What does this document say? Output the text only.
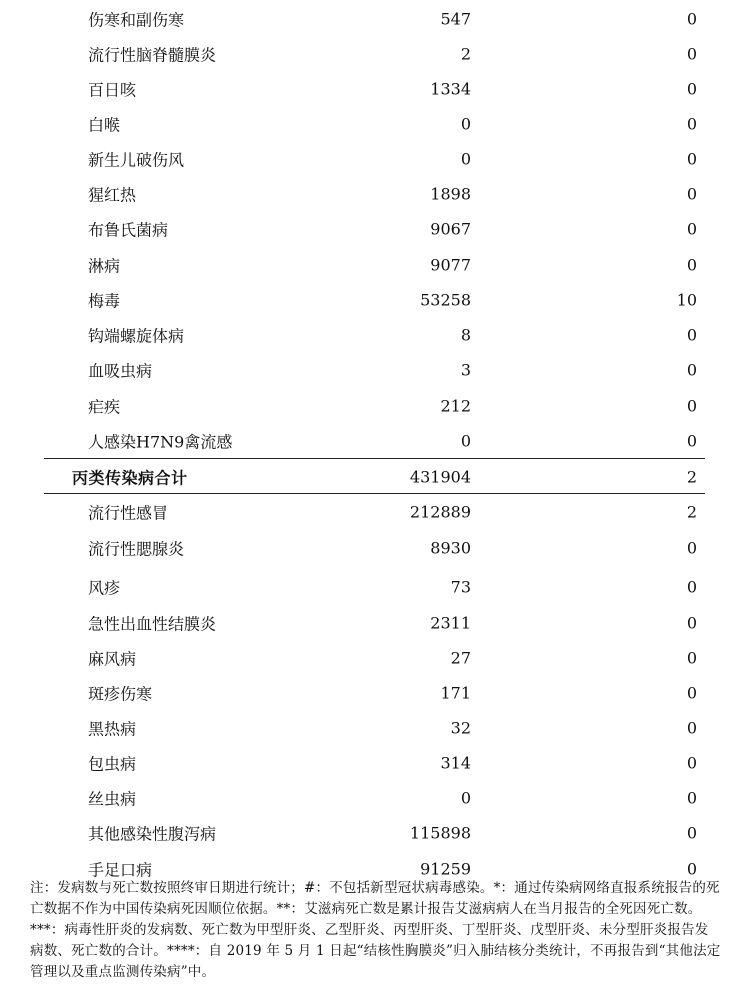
伤寒和副伤寒	547	0
流行性脑脊髓膜炎	2	0
百日咳	1334	0
白喉	0	0
新生儿破伤风	0	0
猩红热	1898	0
布鲁氏菌病	9067	0
淋病	9077	0
梅毒	53258	10
钩端螺旋体病	8	0
血吸虫病	3	0
疟疾	212	0
人感染H7N9禽流感	0	0
丙类传染病合计	431904	2
流行性感冒	212889	2
流行性腮腺炎	8930	0
风疹	73	0
急性出血性结膜炎	2311	0
麻风病	27	0
斑疹伤寒	171	0
黑热病	32	0
包虫病	314	0
丝虫病	0	0
其他感染性腹泻病	115898	0
手足口病	91259	0
注：发病数与死亡数按照终审日期进行统计；#：不包括新型冠状病毒感染。*：通过传染病网络直报系统报告的死亡数据不作为中国传染病死因顺位依据。**：艾滋病死亡数是累计报告艾滋病病人在当月报告的全死因死亡数。***：病毒性肝炎的发病数、死亡数为甲型肝炎、乙型肝炎、丙型肝炎、丁型肝炎、戊型肝炎、未分型肝炎报告发病数、死亡数的合计。****：自 2019 年 5 月 1 日起“结核性胸膜炎”归入肺结核分类统计，不再报告到“其他法定管理以及重点监测传染病”中。
